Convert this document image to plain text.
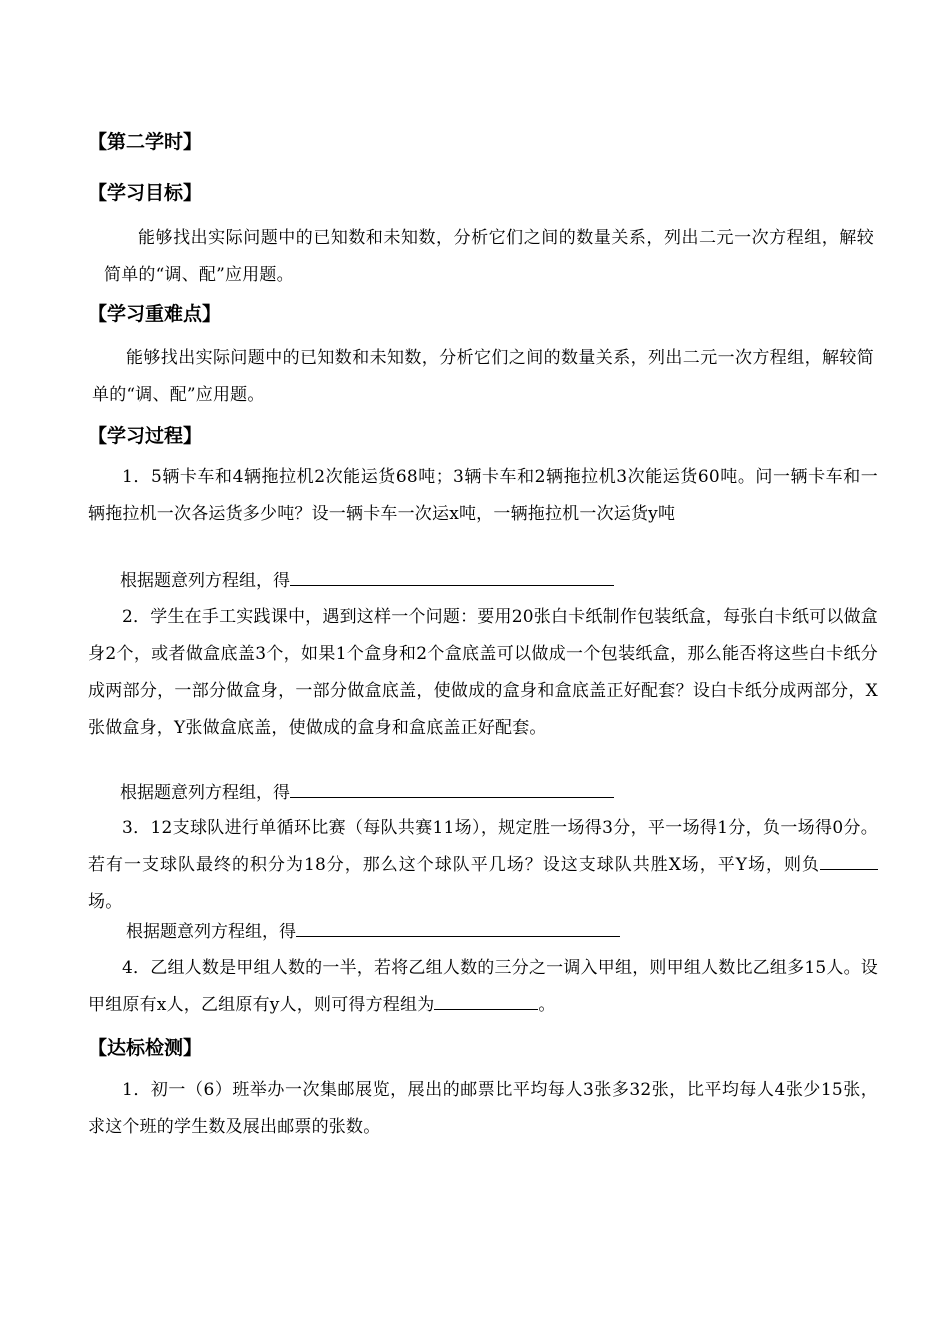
【第二学时】
【学习目标】
能够找出实际问题中的已知数和未知数，分析它们之间的数量关系，列出二元一次方程组，解较简单的“调、配”应用题。
【学习重难点】
能够找出实际问题中的已知数和未知数，分析它们之间的数量关系，列出二元一次方程组，解较简单的“调、配”应用题。
【学习过程】
1．5辆卡车和4辆拖拉机2次能运货68吨；3辆卡车和2辆拖拉机3次能运货60吨。问一辆卡车和一辆拖拉机一次各运货多少吨？设一辆卡车一次运x吨，一辆拖拉机一次运货y吨
根据题意列方程组，得
2．学生在手工实践课中，遇到这样一个问题：要用20张白卡纸制作包装纸盒，每张白卡纸可以做盒身2个，或者做盒底盖3个，如果1个盒身和2个盒底盖可以做成一个包装纸盒，那么能否将这些白卡纸分成两部分，一部分做盒身，一部分做盒底盖，使做成的盒身和盒底盖正好配套？设白卡纸分成两部分，X张做盒身，Y张做盒底盖，使做成的盒身和盒底盖正好配套。
根据题意列方程组，得
3．12支球队进行单循环比赛（每队共赛11场），规定胜一场得3分，平一场得1分，负一场得0分。若有一支球队最终的积分为18分，那么这个球队平几场？设这支球队共胜X场，平Y场，则负场。
根据题意列方程组，得
4．乙组人数是甲组人数的一半，若将乙组人数的三分之一调入甲组，则甲组人数比乙组多15人。设甲组原有x人，乙组原有y人，则可得方程组为	。
【达标检测】
1．初一（6）班举办一次集邮展览，展出的邮票比平均每人3张多32张，比平均每人4张少15张，求这个班的学生数及展出邮票的张数。
